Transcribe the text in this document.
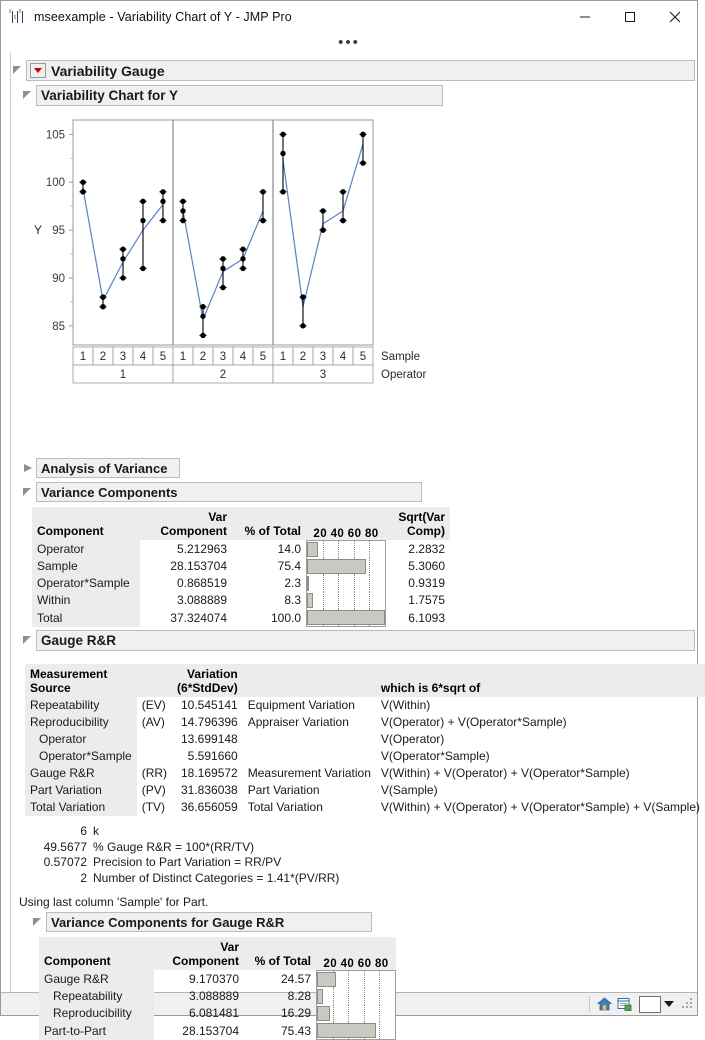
I
I
I mseexample - Variability Chart of Y - JMP Pro
•••
Variability Gauge
Variability Chart for Y
85
90
95
100
105
Y
1 2 3 4 5 1 2 3 4 5 1 2 3 4 5
1	2	3
Sample
Operator
Analysis of Variance
Variance Components
Component

Var
Component	% of Total	20 40 60 80

Sqrt(Var
Comp)

Operator	5.212963	14.0		2.2832
Sample	28.153704	75.4		5.3060
Operator*Sample	0.868519	2.3		0.9319
Within	3.088889	8.3		1.7575
Total	37.324074	100.0		6.1093
Gauge R&R
Measurement
Source

Variation
(6*StdDev)		which is 6*sqrt of

Repeatability	(EV)	10.545141	Equipment Variation	V(Within)
Reproducibility	(AV)	14.796396	Appraiser Variation	V(Operator) + V(Operator*Sample)
Operator		13.699148		V(Operator)
Operator*Sample		5.591660		V(Operator*Sample)
Gauge R&R	(RR)	18.169572	Measurement Variation	V(Within) + V(Operator) + V(Operator*Sample)
Part Variation	(PV)	31.836038	Part Variation	V(Sample)
Total Variation	(TV)	36.656059	Total Variation	V(Within) + V(Operator) + V(Operator*Sample) + V(Sample)
6 k
49.5677 % Gauge R&R = 100*(RR/TV)
0.57072 Precision to Part Variation = RR/PV
2 Number of Distinct Categories = 1.41*(PV/RR)
Using last column 'Sample' for Part.
Variance Components for Gauge R&R
Component	Var
Component	% of Total	20 40 60 80

Gauge R&R	9.170370	24.57	

Repeatability	3.088889	8.28	

Reproducibility	6.081481	16.29	

Part-to-Part	28.153704	75.43	
